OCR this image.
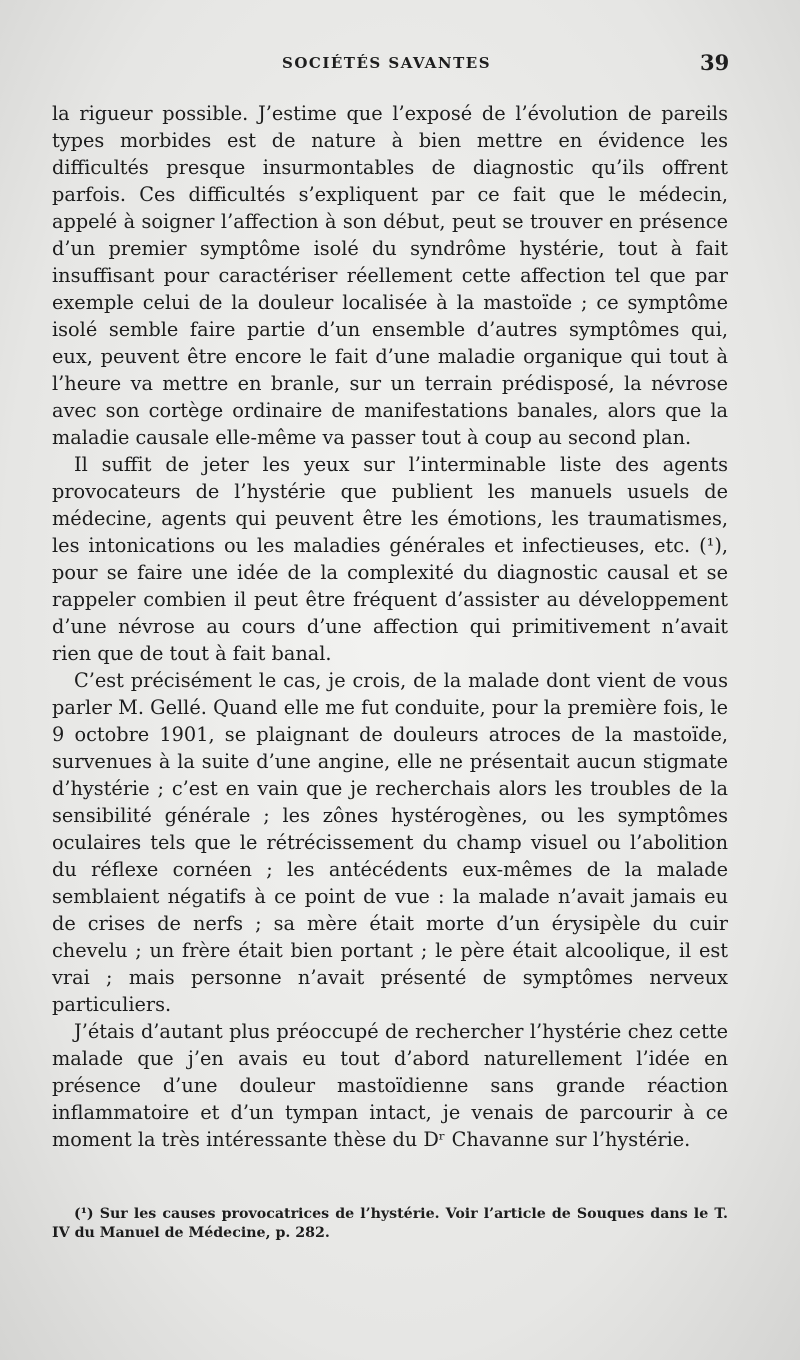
SOCIÉTÉS SAVANTES	39

la rigueur possible. J’estime que l’exposé de l’évolution de pareils types morbides est de nature à bien mettre en évidence les difficultés presque insurmontables de diagnostic qu’ils offrent parfois. Ces difficultés s’expliquent par ce fait que le médecin, appelé à soigner l’affection à son début, peut se trouver en présence d’un premier symptôme isolé du syndrôme hystérie, tout à fait insuffisant pour caractériser réellement cette affection tel que par exemple celui de la douleur localisée à la mastoïde ; ce symptôme isolé semble faire partie d’un ensemble d’autres symptômes qui, eux, peuvent être encore le fait d’une maladie organique qui tout à l’heure va mettre en branle, sur un terrain prédisposé, la névrose avec son cortège ordinaire de manifestations banales, alors que la maladie causale elle-même va passer tout à coup au second plan.

Il suffit de jeter les yeux sur l’interminable liste des agents provocateurs de l’hystérie que publient les manuels usuels de médecine, agents qui peuvent être les émotions, les traumatismes, les intonications ou les maladies générales et infectieuses, etc. (¹), pour se faire une idée de la complexité du diagnostic causal et se rappeler combien il peut être fréquent d’assister au développement d’une névrose au cours d’une affection qui primitivement n’avait rien que de tout à fait banal.

C’est précisément le cas, je crois, de la malade dont vient de vous parler M. Gellé. Quand elle me fut conduite, pour la première fois, le 9 octobre 1901, se plaignant de douleurs atroces de la mastoïde, survenues à la suite d’une angine, elle ne présentait aucun stigmate d’hystérie ; c’est en vain que je recherchais alors les troubles de la sensibilité générale ; les zônes hystérogènes, ou les symptômes oculaires tels que le rétrécissement du champ visuel ou l’abolition du réflexe cornéen ; les antécédents eux-mêmes de la malade semblaient négatifs à ce point de vue : la malade n’avait jamais eu de crises de nerfs ; sa mère était morte d’un érysipèle du cuir chevelu ; un frère était bien portant ; le père était alcoolique, il est vrai ; mais personne n’avait présenté de symptômes nerveux particuliers.

J’étais d’autant plus préoccupé de rechercher l’hystérie chez cette malade que j’en avais eu tout d’abord naturellement l’idée en présence d’une douleur mastoïdienne sans grande réaction inflammatoire et d’un tympan intact, je venais de parcourir à ce moment la très intéressante thèse du Dʳ Chavanne sur l’hystérie.

(¹) Sur les causes provocatrices de l’hystérie. Voir l’article de Souques dans le T. IV du Manuel de Médecine, p. 282.
